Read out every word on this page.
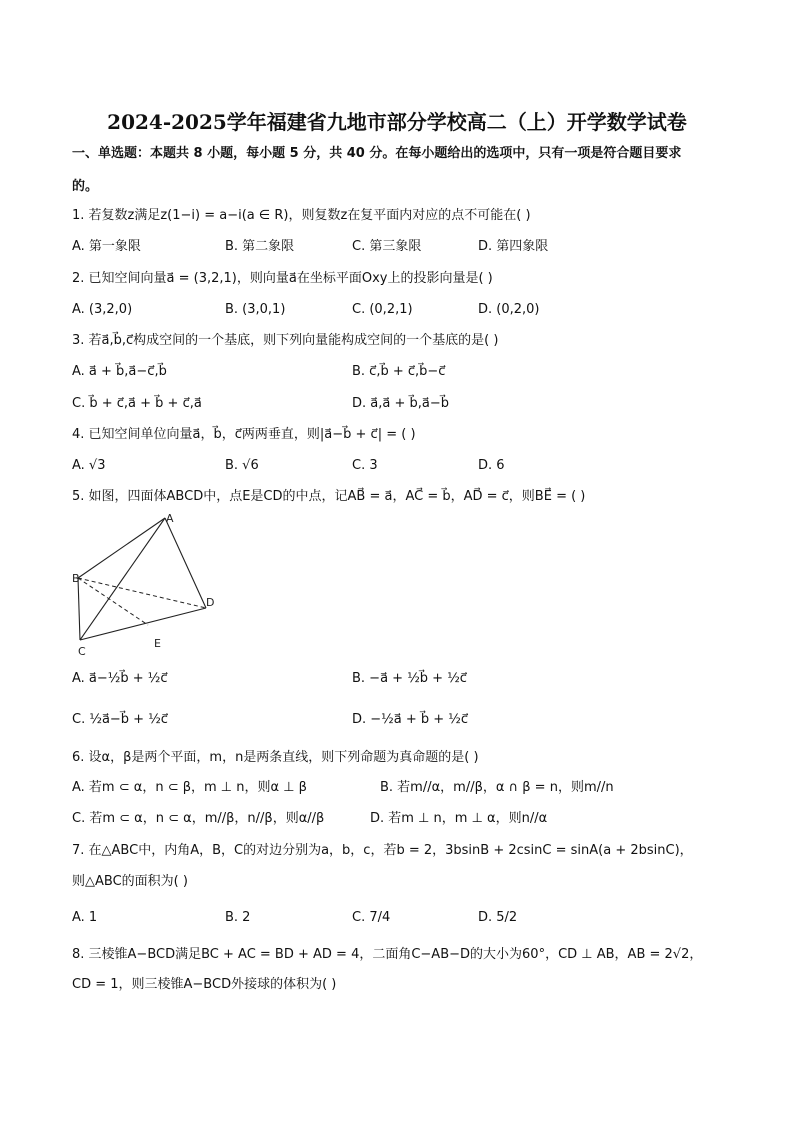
2024-2025学年福建省九地市部分学校高二（上）开学数学试卷
一、单选题：本题共 8 小题，每小题 5 分，共 40 分。在每小题给出的选项中，只有一项是符合题目要求
的。
1. 若复数z满足z(1−i) = a−i(a ∈ R)，则复数z在复平面内对应的点不可能在( )
A. 第一象限	B. 第二象限	C. 第三象限	D. 第四象限
2. 已知空间向量a⃗ = (3,2,1)，则向量a⃗在坐标平面Oxy上的投影向量是( )
A. (3,2,0)	B. (3,0,1)	C. (0,2,1)	D. (0,2,0)
3. 若a⃗,b⃗,c⃗构成空间的一个基底，则下列向量能构成空间的一个基底的是( )
A. a⃗ + b⃗,a⃗−c⃗,b⃗	B. c⃗,b⃗ + c⃗,b⃗−c⃗
C. b⃗ + c⃗,a⃗ + b⃗ + c⃗,a⃗	D. a⃗,a⃗ + b⃗,a⃗−b⃗
4. 已知空间单位向量a⃗，b⃗，c⃗两两垂直，则|a⃗−b⃗ + c⃗| = ( )
A. √3	B. √6	C. 3	D. 6
5. 如图，四面体ABCD中，点E是CD的中点，记AB⃗ = a⃗，AC⃗ = b⃗，AD⃗ = c⃗，则BE⃗ = ( )
A
B
C
D
E
A. a⃗−½b⃗ + ½c⃗	B. −a⃗ + ½b⃗ + ½c⃗
C. ½a⃗−b⃗ + ½c⃗	D. −½a⃗ + b⃗ + ½c⃗
6. 设α，β是两个平面，m，n是两条直线，则下列命题为真命题的是( )
A. 若m ⊂ α，n ⊂ β，m ⊥ n，则α ⊥ β	B. 若m//α，m//β，α ∩ β = n，则m//n
C. 若m ⊂ α，n ⊂ α，m//β，n//β，则α//β	D. 若m ⊥ n，m ⊥ α，则n//α
7. 在△ABC中，内角A，B，C的对边分别为a，b，c，若b = 2，3bsinB + 2csinC = sinA(a + 2bsinC)，
则△ABC的面积为( )
A. 1	B. 2	C. 7/4	D. 5/2
8. 三棱锥A−BCD满足BC + AC = BD + AD = 4，二面角C−AB−D的大小为60°，CD ⊥ AB，AB = 2√2，
CD = 1，则三棱锥A−BCD外接球的体积为( )
